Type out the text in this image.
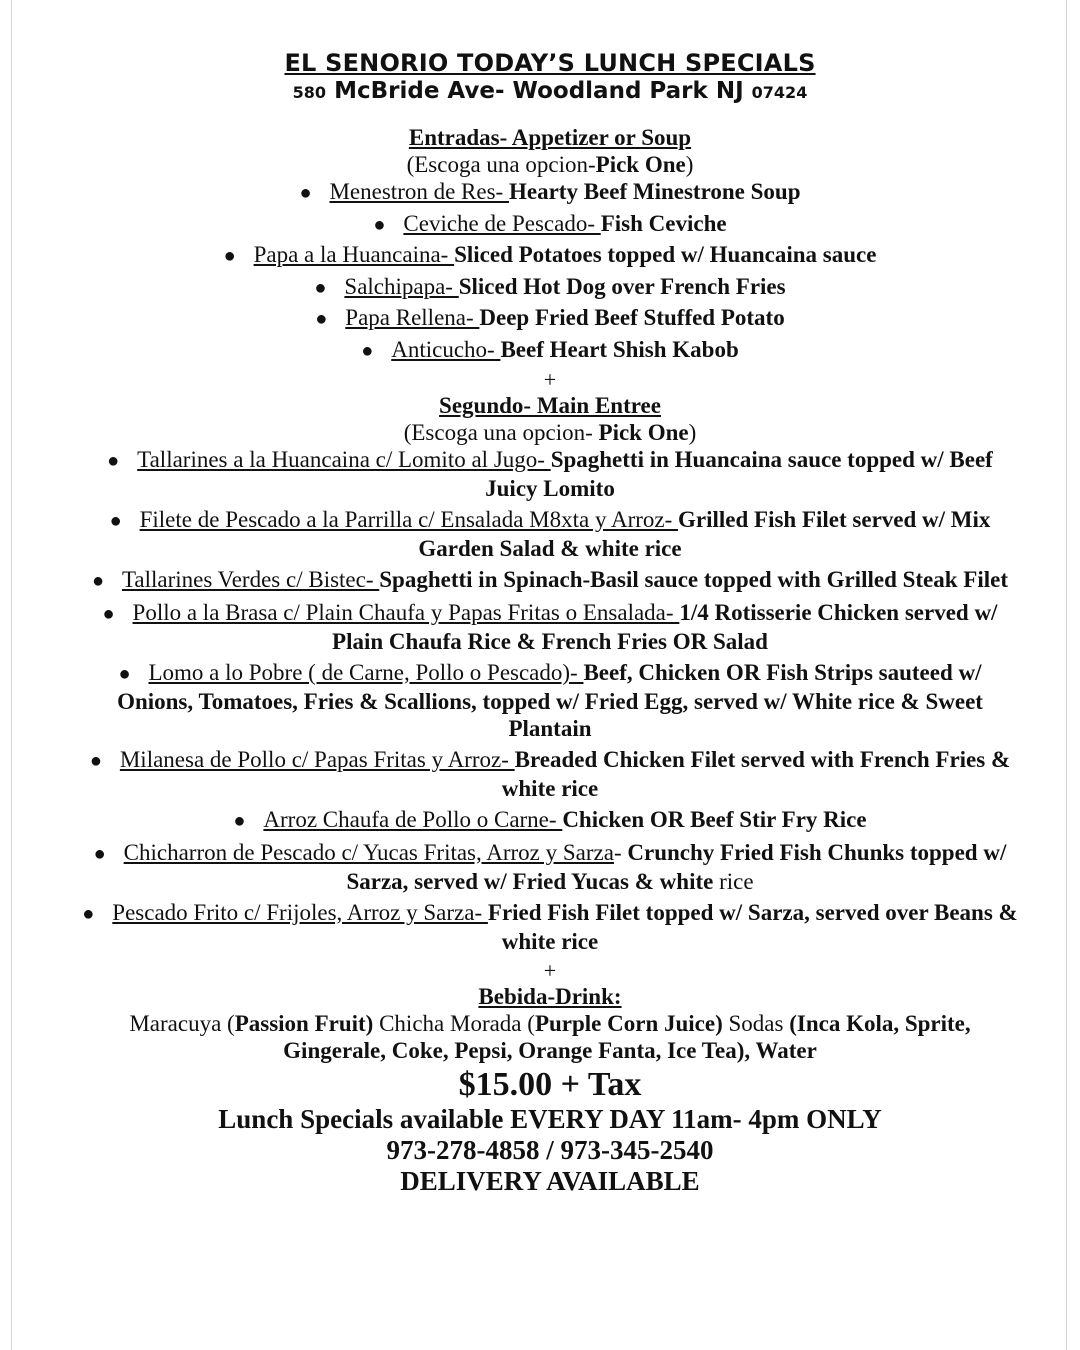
EL SENORIO TODAY’S LUNCH SPECIALS
580 McBride Ave- Woodland Park NJ 07424
Entradas- Appetizer or Soup
(Escoga una opcion-Pick One)
● Menestron de Res- Hearty Beef Minestrone Soup
● Ceviche de Pescado- Fish Ceviche
● Papa a la Huancaina- Sliced Potatoes topped w/ Huancaina sauce
● Salchipapa- Sliced Hot Dog over French Fries
● Papa Rellena- Deep Fried Beef Stuffed Potato
● Anticucho- Beef Heart Shish Kabob
+
Segundo- Main Entree
(Escoga una opcion- Pick One)
● Tallarines a la Huancaina c/ Lomito al Jugo- Spaghetti in Huancaina sauce topped w/ Beef Juicy Lomito
● Filete de Pescado a la Parrilla c/ Ensalada M8xta y Arroz- Grilled Fish Filet served w/ Mix Garden Salad & white rice
● Tallarines Verdes c/ Bistec- Spaghetti in Spinach-Basil sauce topped with Grilled Steak Filet
● Pollo a la Brasa c/ Plain Chaufa y Papas Fritas o Ensalada- 1/4 Rotisserie Chicken served w/ Plain Chaufa Rice & French Fries OR Salad
● Lomo a lo Pobre ( de Carne, Pollo o Pescado)- Beef, Chicken OR Fish Strips sauteed w/ Onions, Tomatoes, Fries & Scallions, topped w/ Fried Egg, served w/ White rice & Sweet Plantain
● Milanesa de Pollo c/ Papas Fritas y Arroz- Breaded Chicken Filet served with French Fries & white rice
● Arroz Chaufa de Pollo o Carne- Chicken OR Beef Stir Fry Rice
● Chicharron de Pescado c/ Yucas Fritas, Arroz y Sarza- Crunchy Fried Fish Chunks topped w/ Sarza, served w/ Fried Yucas & white rice
● Pescado Frito c/ Frijoles, Arroz y Sarza- Fried Fish Filet topped w/ Sarza, served over Beans & white rice
+
Bebida-Drink:
Maracuya (Passion Fruit) Chicha Morada (Purple Corn Juice) Sodas (Inca Kola, Sprite, Gingerale, Coke, Pepsi, Orange Fanta, Ice Tea), Water
$15.00 + Tax
Lunch Specials available EVERY DAY 11am- 4pm ONLY
973-278-4858 / 973-345-2540
DELIVERY AVAILABLE
